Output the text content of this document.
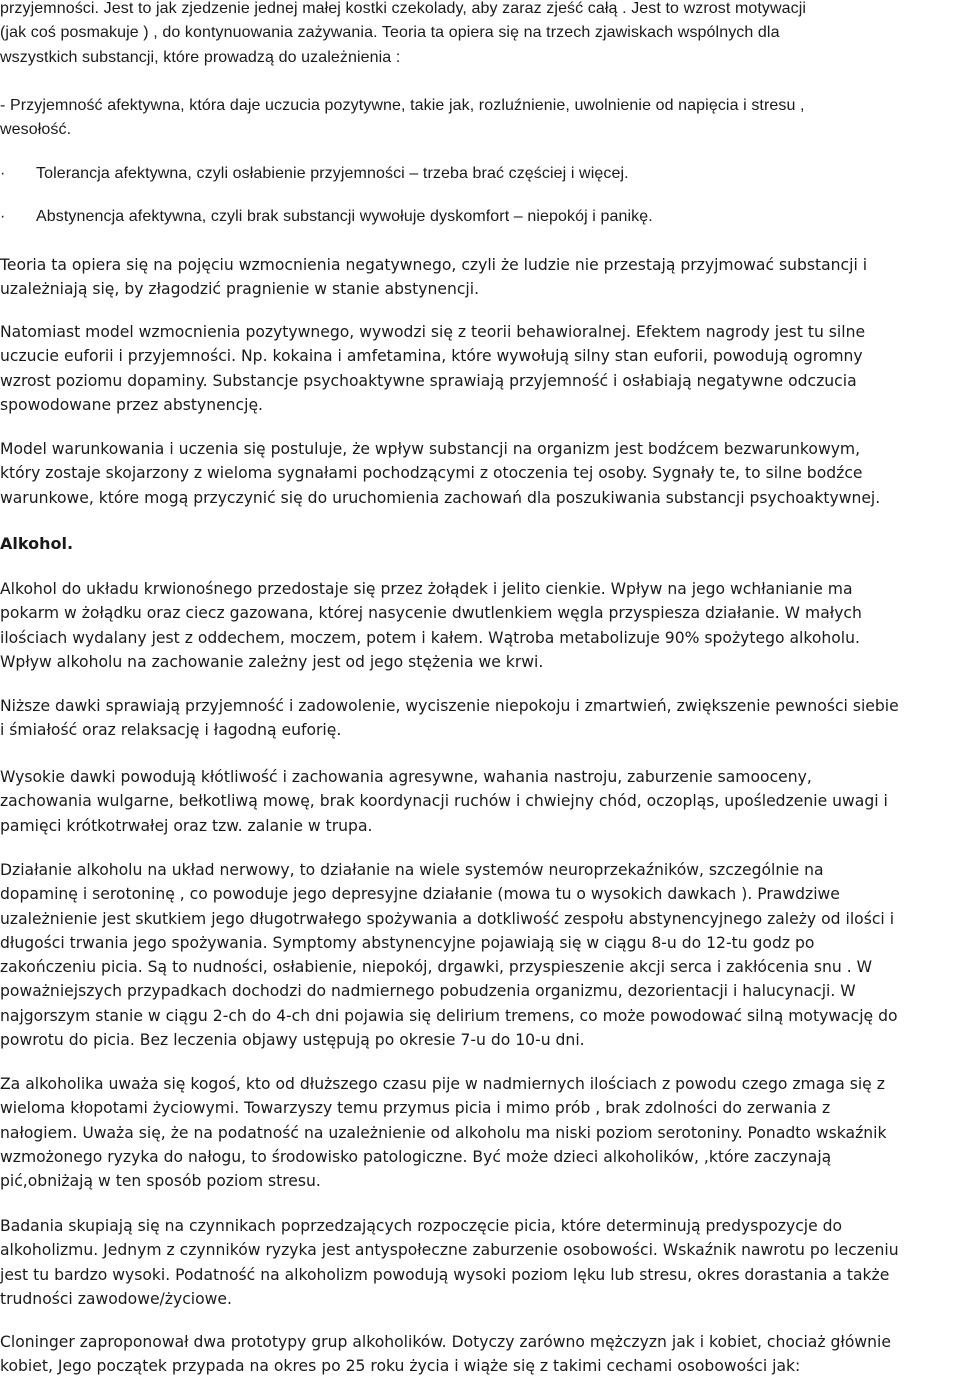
przyjemności. Jest to jak zjedzenie jednej małej kostki czekolady, aby zaraz zjeść całą . Jest to wzrost motywacji
(jak coś posmakuje ) , do kontynuowania zażywania. Teoria ta opiera się na trzech zjawiskach wspólnych dla
wszystkich substancji, które prowadzą do uzależnienia :

- Przyjemność afektywna, która daje uczucia pozytywne, takie jak, rozluźnienie, uwolnienie od napięcia i stresu ,
wesołość.

· Tolerancja afektywna, czyli osłabienie przyjemności – trzeba brać częściej i więcej.

· Abstynencja afektywna, czyli brak substancji wywołuje dyskomfort – niepokój i panikę.

Teoria ta opiera się na pojęciu wzmocnienia negatywnego, czyli że ludzie nie przestają przyjmować substancji i
uzależniają się, by złagodzić pragnienie w stanie abstynencji.

Natomiast model wzmocnienia pozytywnego, wywodzi się z teorii behawioralnej. Efektem nagrody jest tu silne
uczucie euforii i przyjemności. Np. kokaina i amfetamina, które wywołują silny stan euforii, powodują ogromny
wzrost poziomu dopaminy. Substancje psychoaktywne sprawiają przyjemność i osłabiają negatywne odczucia
spowodowane przez abstynencję.

Model warunkowania i uczenia się postuluje, że wpływ substancji na organizm jest bodźcem bezwarunkowym,
który zostaje skojarzony z wieloma sygnałami pochodzącymi z otoczenia tej osoby. Sygnały te, to silne bodźce
warunkowe, które mogą przyczynić się do uruchomienia zachowań dla poszukiwania substancji psychoaktywnej.

Alkohol.

Alkohol do układu krwionośnego przedostaje się przez żołądek i jelito cienkie. Wpływ na jego wchłanianie ma
pokarm w żołądku oraz ciecz gazowana, której nasycenie dwutlenkiem węgla przyspiesza działanie. W małych
ilościach wydalany jest z oddechem, moczem, potem i kałem. Wątroba metabolizuje 90% spożytego alkoholu.
Wpływ alkoholu na zachowanie zależny jest od jego stężenia we krwi.

Niższe dawki sprawiają przyjemność i zadowolenie, wyciszenie niepokoju i zmartwień, zwiększenie pewności siebie
i śmiałość oraz relaksację i łagodną euforię.

Wysokie dawki powodują kłótliwość i zachowania agresywne, wahania nastroju, zaburzenie samooceny,
zachowania wulgarne, bełkotliwą mowę, brak koordynacji ruchów i chwiejny chód, oczopląs, upośledzenie uwagi i
pamięci krótkotrwałej oraz tzw. zalanie w trupa.

Działanie alkoholu na układ nerwowy, to działanie na wiele systemów neuroprzekaźników, szczególnie na
dopaminę i serotoninę , co powoduje jego depresyjne działanie (mowa tu o wysokich dawkach ). Prawdziwe
uzależnienie jest skutkiem jego długotrwałego spożywania a dotkliwość zespołu abstynencyjnego zależy od ilości i
długości trwania jego spożywania. Symptomy abstynencyjne pojawiają się w ciągu 8-u do 12-tu godz po
zakończeniu picia. Są to nudności, osłabienie, niepokój, drgawki, przyspieszenie akcji serca i zakłócenia snu . W
poważniejszych przypadkach dochodzi do nadmiernego pobudzenia organizmu, dezorientacji i halucynacji. W
najgorszym stanie w ciągu 2-ch do 4-ch dni pojawia się delirium tremens, co może powodować silną motywację do
powrotu do picia. Bez leczenia objawy ustępują po okresie 7-u do 10-u dni.

Za alkoholika uważa się kogoś, kto od dłuższego czasu pije w nadmiernych ilościach z powodu czego zmaga się z
wieloma kłopotami życiowymi. Towarzyszy temu przymus picia i mimo prób , brak zdolności do zerwania z
nałogiem. Uważa się, że na podatność na uzależnienie od alkoholu ma niski poziom serotoniny. Ponadto wskaźnik
wzmożonego ryzyka do nałogu, to środowisko patologiczne. Być może dzieci alkoholików, ,które zaczynają
pić,obniżają w ten sposób poziom stresu.

Badania skupiają się na czynnikach poprzedzających rozpoczęcie picia, które determinują predyspozycje do
alkoholizmu. Jednym z czynników ryzyka jest antyspołeczne zaburzenie osobowości. Wskaźnik nawrotu po leczeniu
jest tu bardzo wysoki. Podatność na alkoholizm powodują wysoki poziom lęku lub stresu, okres dorastania a także
trudności zawodowe/życiowe.

Cloninger zaproponował dwa prototypy grup alkoholików. Dotyczy zarówno mężczyzn jak i kobiet, chociaż głównie
kobiet, Jego początek przypada na okres po 25 roku życia i wiąże się z takimi cechami osobowości jak:
